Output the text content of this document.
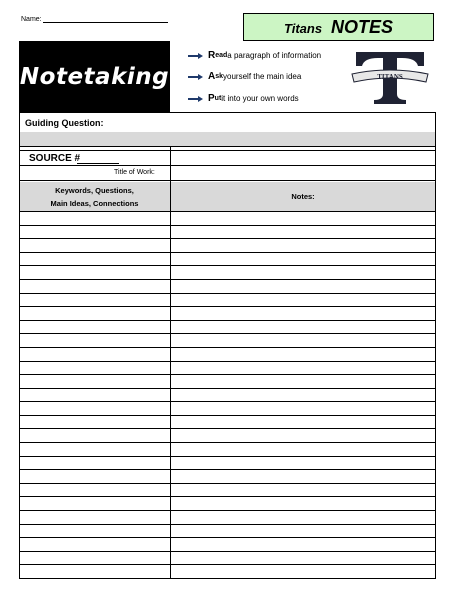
Name:
Titans NOTES
Notetaking
R ead a paragraph of information
A sk yourself the main idea
P ut it into your own words
TITANS
Guiding Question:
SOURCE #
Title of Work:
Keywords, Questions,
Main Ideas, Connections
Notes:
